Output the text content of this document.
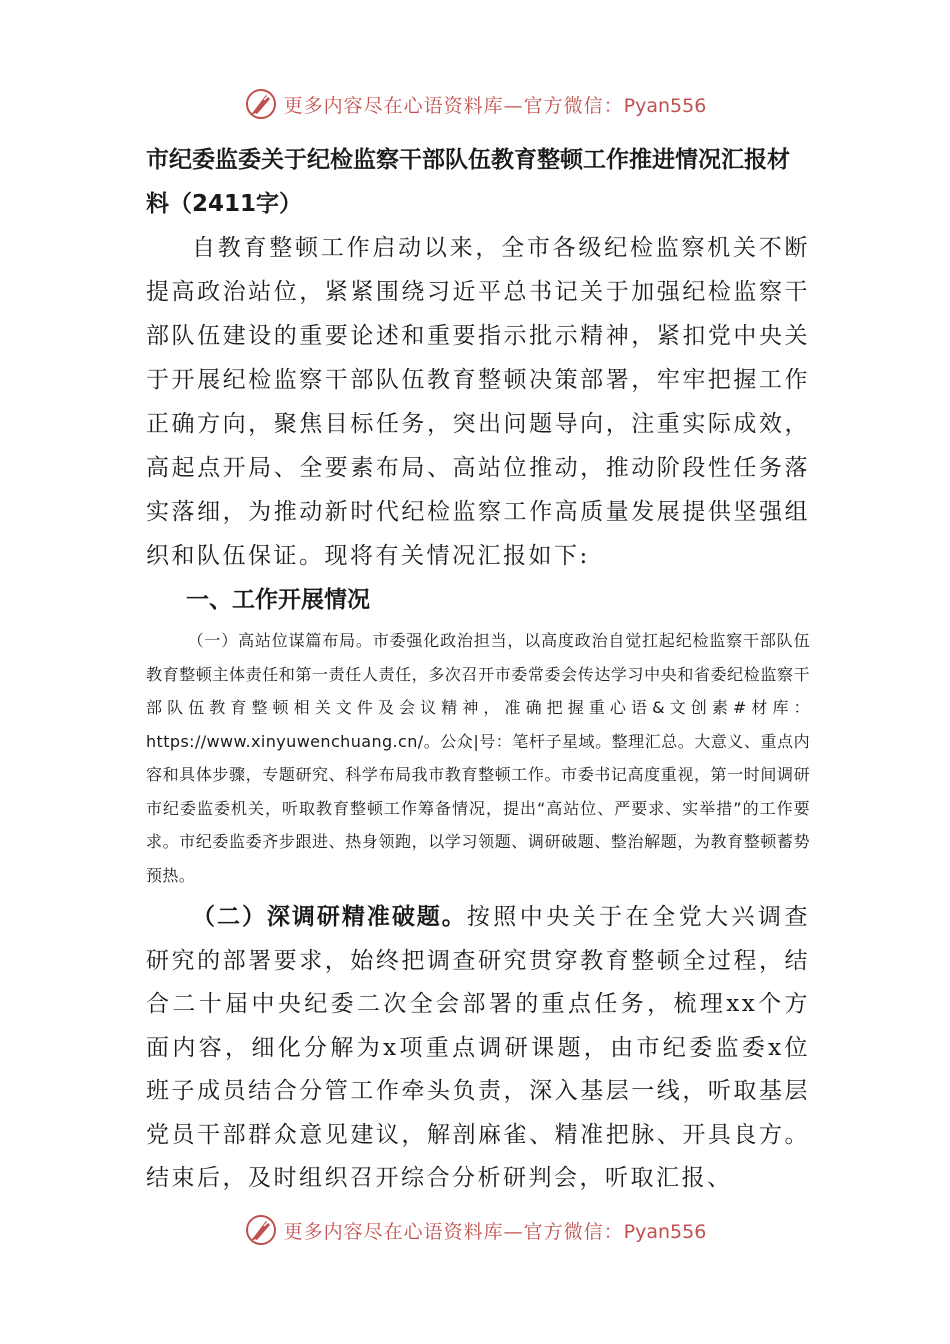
更多内容尽在心语资料库—官方微信：Pyan556

市纪委监委关于纪检监察干部队伍教育整顿工作推进情况汇报材料（2411字）

自教育整顿工作启动以来，全市各级纪检监察机关不断提高政治站位，紧紧围绕习近平总书记关于加强纪检监察干部队伍建设的重要论述和重要指示批示精神，紧扣党中央关于开展纪检监察干部队伍教育整顿决策部署，牢牢把握工作正确方向，聚焦目标任务，突出问题导向，注重实际成效，高起点开局、全要素布局、高站位推动，推动阶段性任务落实落细，为推动新时代纪检监察工作高质量发展提供坚强组织和队伍保证。现将有关情况汇报如下:

一、工作开展情况

（一）高站位谋篇布局。市委强化政治担当，以高度政治自觉扛起纪检监察干部队伍教育整顿主体责任和第一责任人责任，多次召开市委常委会传达学习中央和省委纪检监察干部队伍教育整顿相关文件及会议精神，准确把握重心语&文创素#材库：https://www.xinyuwenchuang.cn/。公众|号：笔杆子星域。整理汇总。大意义、重点内容和具体步骤，专题研究、科学布局我市教育整顿工作。市委书记高度重视，第一时间调研市纪委监委机关，听取教育整顿工作筹备情况，提出“高站位、严要求、实举措”的工作要求。市纪委监委齐步跟进、热身领跑，以学习领题、调研破题、整治解题，为教育整顿蓄势预热。

（二）深调研精准破题。按照中央关于在全党大兴调查研究的部署要求，始终把调查研究贯穿教育整顿全过程，结合二十届中央纪委二次全会部署的重点任务，梳理xx个方面内容，细化分解为x项重点调研课题，由市纪委监委x位班子成员结合分管工作牵头负责，深入基层一线，听取基层党员干部群众意见建议，解剖麻雀、精准把脉、开具良方。结束后，及时组织召开综合分析研判会，听取汇报、

更多内容尽在心语资料库—官方微信：Pyan556
